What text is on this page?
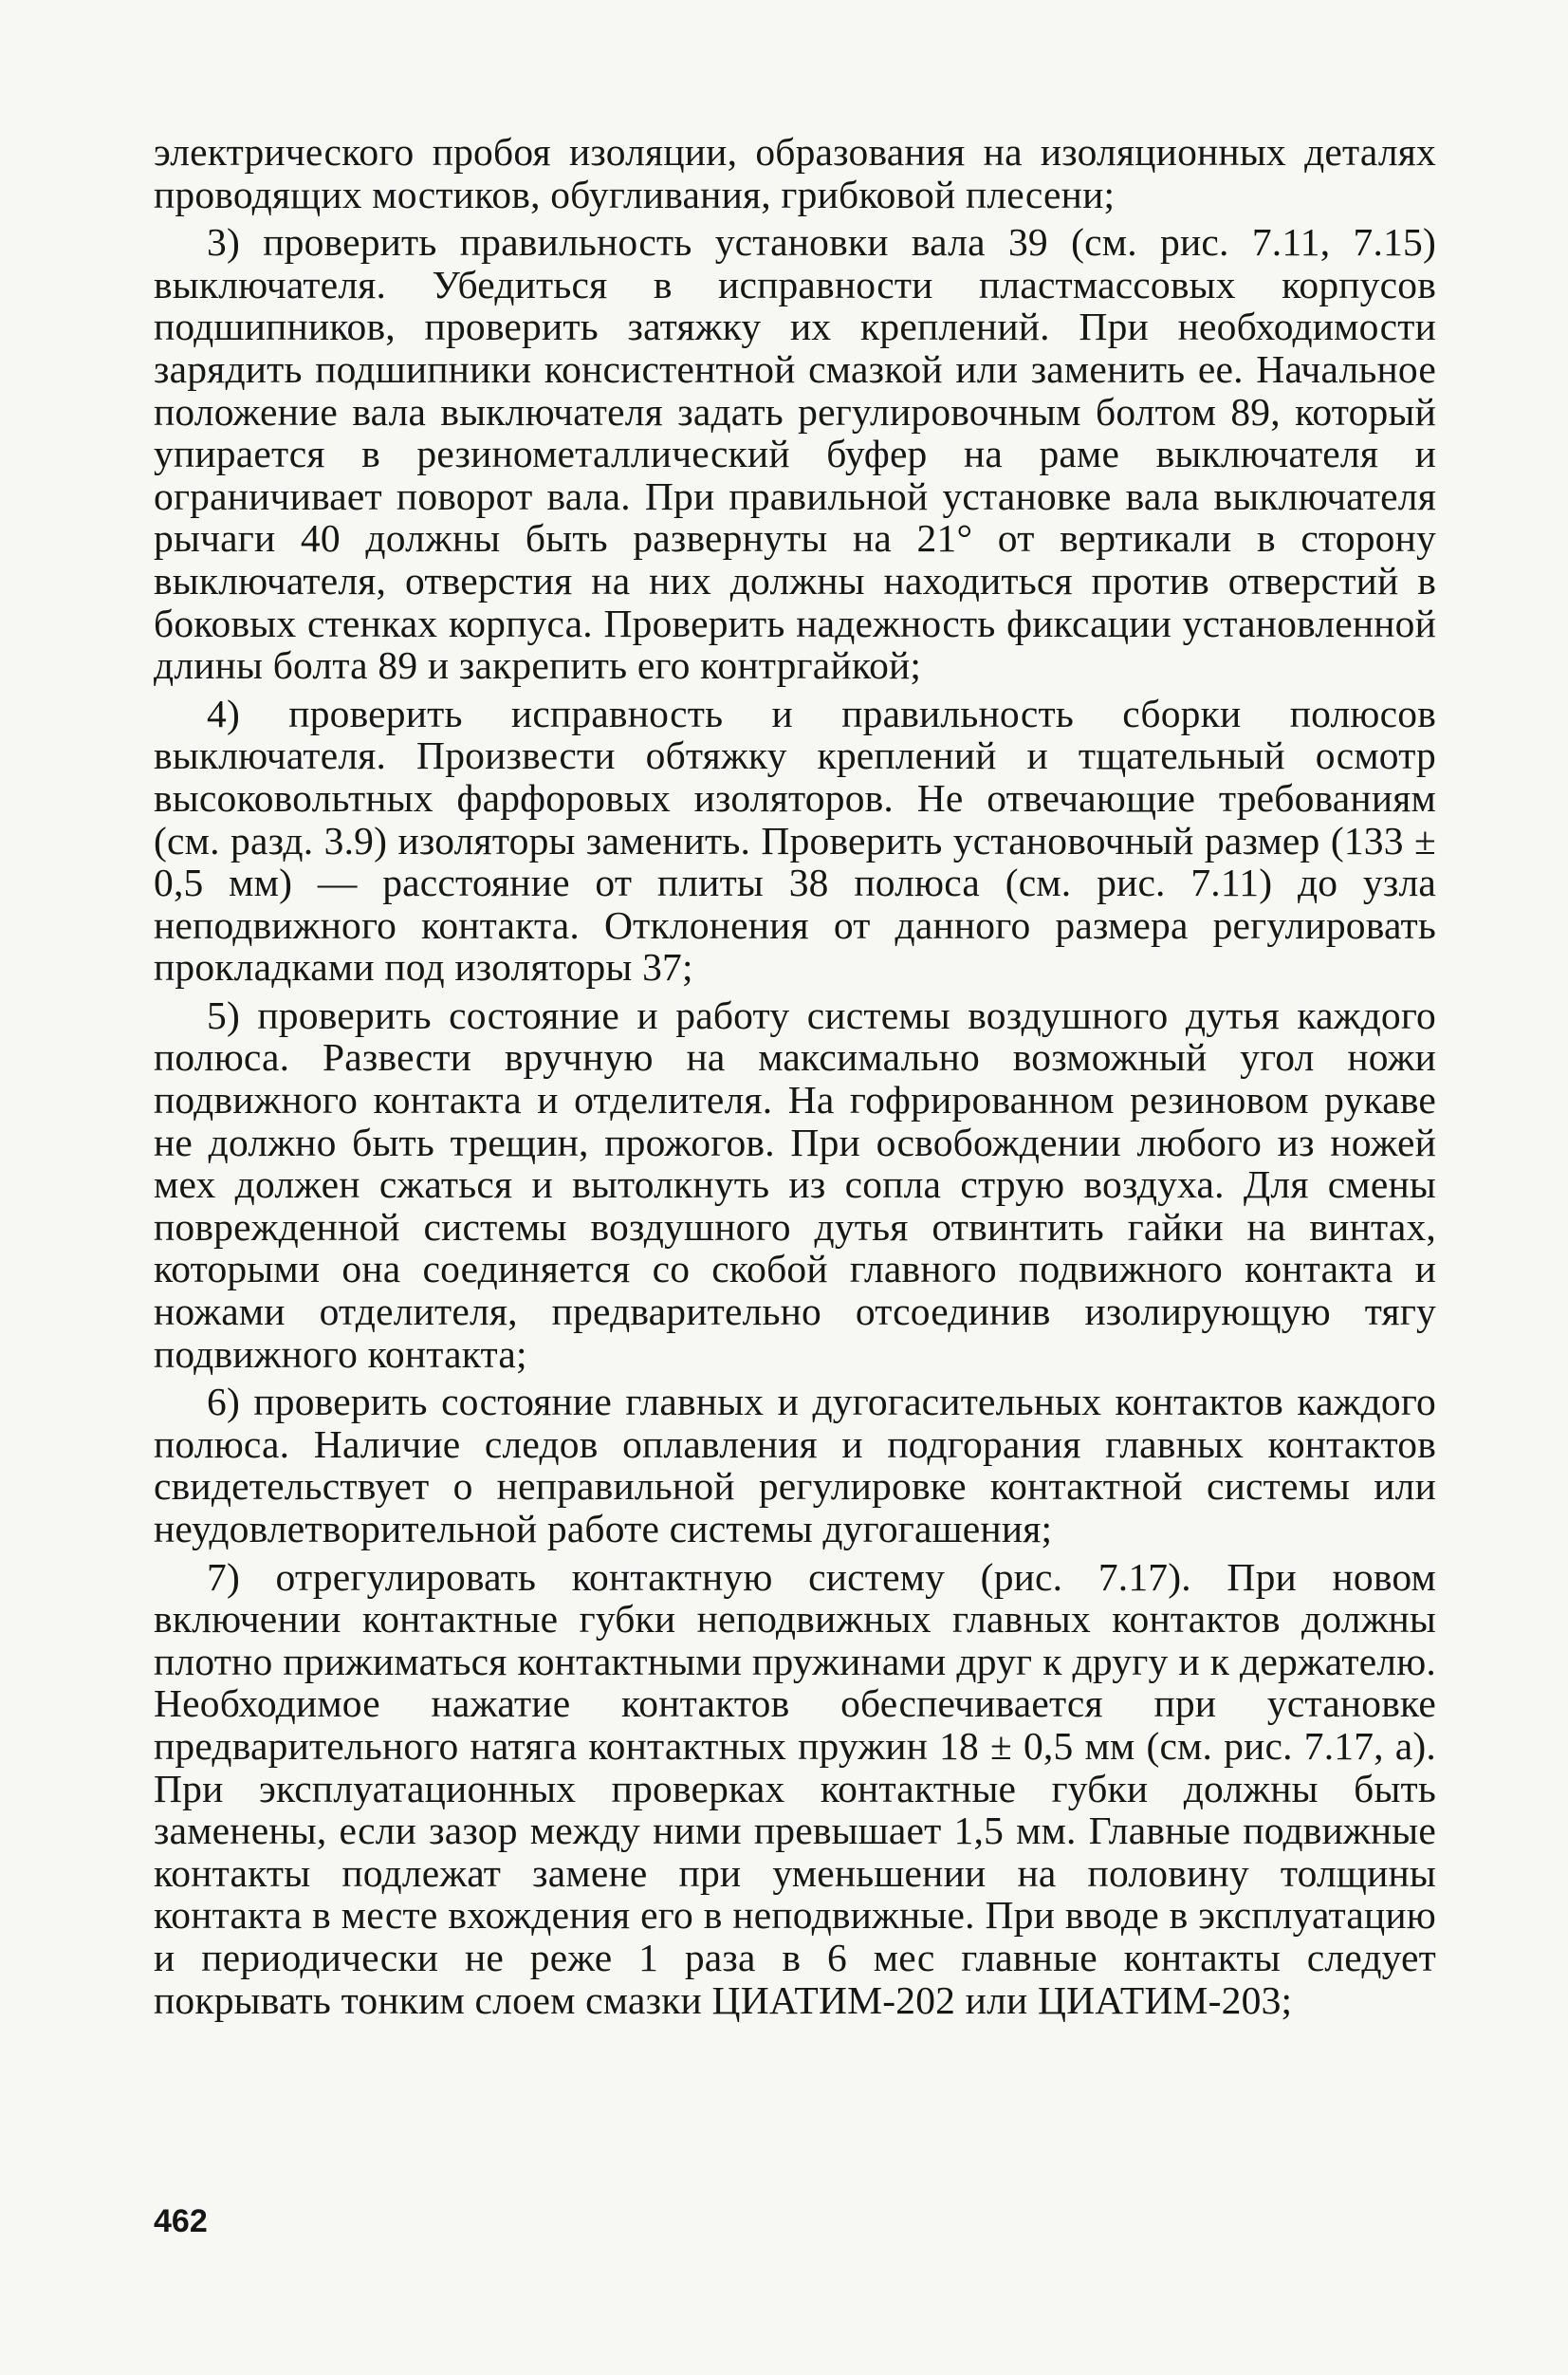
электрического пробоя изоляции, образования на изоляционных деталях проводящих мостиков, обугливания, грибковой плесени;

3) проверить правильность установки вала 39 (см. рис. 7.11, 7.15) выключателя. Убедиться в исправности пластмассовых корпусов подшипников, проверить затяжку их креплений. При необходимости зарядить подшипники консистентной смазкой или заменить ее. Начальное положение вала выключателя задать регулировочным болтом 89, который упирается в резинометаллический буфер на раме выключателя и ограничивает поворот вала. При правильной установке вала выключателя рычаги 40 должны быть развернуты на 21° от вертикали в сторону выключателя, отверстия на них должны находиться против отверстий в боковых стенках корпуса. Проверить надежность фиксации установленной длины болта 89 и закрепить его контргайкой;

4) проверить исправность и правильность сборки полюсов выключателя. Произвести обтяжку креплений и тщательный осмотр высоковольтных фарфоровых изоляторов. Не отвечающие требованиям (см. разд. 3.9) изоляторы заменить. Проверить установочный размер (133 ± 0,5 мм) — расстояние от плиты 38 полюса (см. рис. 7.11) до узла неподвижного контакта. Отклонения от данного размера регулировать прокладками под изоляторы 37;

5) проверить состояние и работу системы воздушного дутья каждого полюса. Развести вручную на максимально возможный угол ножи подвижного контакта и отделителя. На гофрированном резиновом рукаве не должно быть трещин, прожогов. При освобождении любого из ножей мех должен сжаться и вытолкнуть из сопла струю воздуха. Для смены поврежденной системы воздушного дутья отвинтить гайки на винтах, которыми она соединяется со скобой главного подвижного контакта и ножами отделителя, предварительно отсоединив изолирующую тягу подвижного контакта;

6) проверить состояние главных и дугогасительных контактов каждого полюса. Наличие следов оплавления и подгорания главных контактов свидетельствует о неправильной регулировке контактной системы или неудовлетворительной работе системы дугогашения;

7) отрегулировать контактную систему (рис. 7.17). При новом включении контактные губки неподвижных главных контактов должны плотно прижиматься контактными пружинами друг к другу и к держателю. Необходимое нажатие контактов обеспечивается при установке предварительного натяга контактных пружин 18 ± 0,5 мм (см. рис. 7.17, а). При эксплуатационных проверках контактные губки должны быть заменены, если зазор между ними превышает 1,5 мм. Главные подвижные контакты подлежат замене при уменьшении на половину толщины контакта в месте вхождения его в неподвижные. При вводе в эксплуатацию и периодически не реже 1 раза в 6 мес главные контакты следует покрывать тонким слоем смазки ЦИАТИМ-202 или ЦИАТИМ-203;

462
